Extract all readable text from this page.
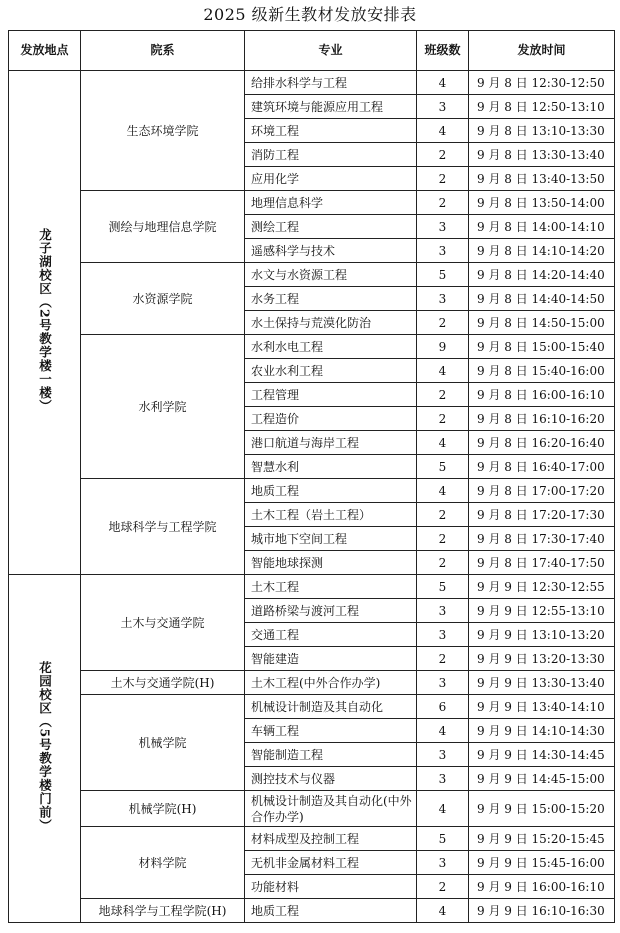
2025 级新生教材发放安排表
发放地点	院系	专业	班级数	发放时间
龙子湖校区（2号教学楼一楼）	生态环境学院	给排水科学与工程	4	9 月 8 日 12:30-12:50
		建筑环境与能源应用工程	3	9 月 8 日 12:50-13:10
		环境工程	4	9 月 8 日 13:10-13:30
		消防工程	2	9 月 8 日 13:30-13:40
		应用化学	2	9 月 8 日 13:40-13:50
	测绘与地理信息学院	地理信息科学	2	9 月 8 日 13:50-14:00
		测绘工程	3	9 月 8 日 14:00-14:10
		遥感科学与技术	3	9 月 8 日 14:10-14:20
	水资源学院	水文与水资源工程	5	9 月 8 日 14:20-14:40
		水务工程	3	9 月 8 日 14:40-14:50
		水土保持与荒漠化防治	2	9 月 8 日 14:50-15:00
	水利学院	水利水电工程	9	9 月 8 日 15:00-15:40
		农业水利工程	4	9 月 8 日 15:40-16:00
		工程管理	2	9 月 8 日 16:00-16:10
		工程造价	2	9 月 8 日 16:10-16:20
		港口航道与海岸工程	4	9 月 8 日 16:20-16:40
		智慧水利	5	9 月 8 日 16:40-17:00
	地球科学与工程学院	地质工程	4	9 月 8 日 17:00-17:20
		土木工程（岩土工程）	2	9 月 8 日 17:20-17:30
		城市地下空间工程	2	9 月 8 日 17:30-17:40
		智能地球探测	2	9 月 8 日 17:40-17:50
花园校区（5号教学楼门前）	土木与交通学院	土木工程	5	9 月 9 日 12:30-12:55
		道路桥梁与渡河工程	3	9 月 9 日 12:55-13:10
		交通工程	3	9 月 9 日 13:10-13:20
		智能建造	2	9 月 9 日 13:20-13:30
	土木与交通学院(H)	土木工程(中外合作办学)	3	9 月 9 日 13:30-13:40
	机械学院	机械设计制造及其自动化	6	9 月 9 日 13:40-14:10
		车辆工程	4	9 月 9 日 14:10-14:30
		智能制造工程	3	9 月 9 日 14:30-14:45
		测控技术与仪器	3	9 月 9 日 14:45-15:00
	机械学院(H)	机械设计制造及其自动化(中外合作办学)	4	9 月 9 日 15:00-15:20
	材料学院	材料成型及控制工程	5	9 月 9 日 15:20-15:45
		无机非金属材料工程	3	9 月 9 日 15:45-16:00
		功能材料	2	9 月 9 日 16:00-16:10
	地球科学与工程学院(H)	地质工程	4	9 月 9 日 16:10-16:30
